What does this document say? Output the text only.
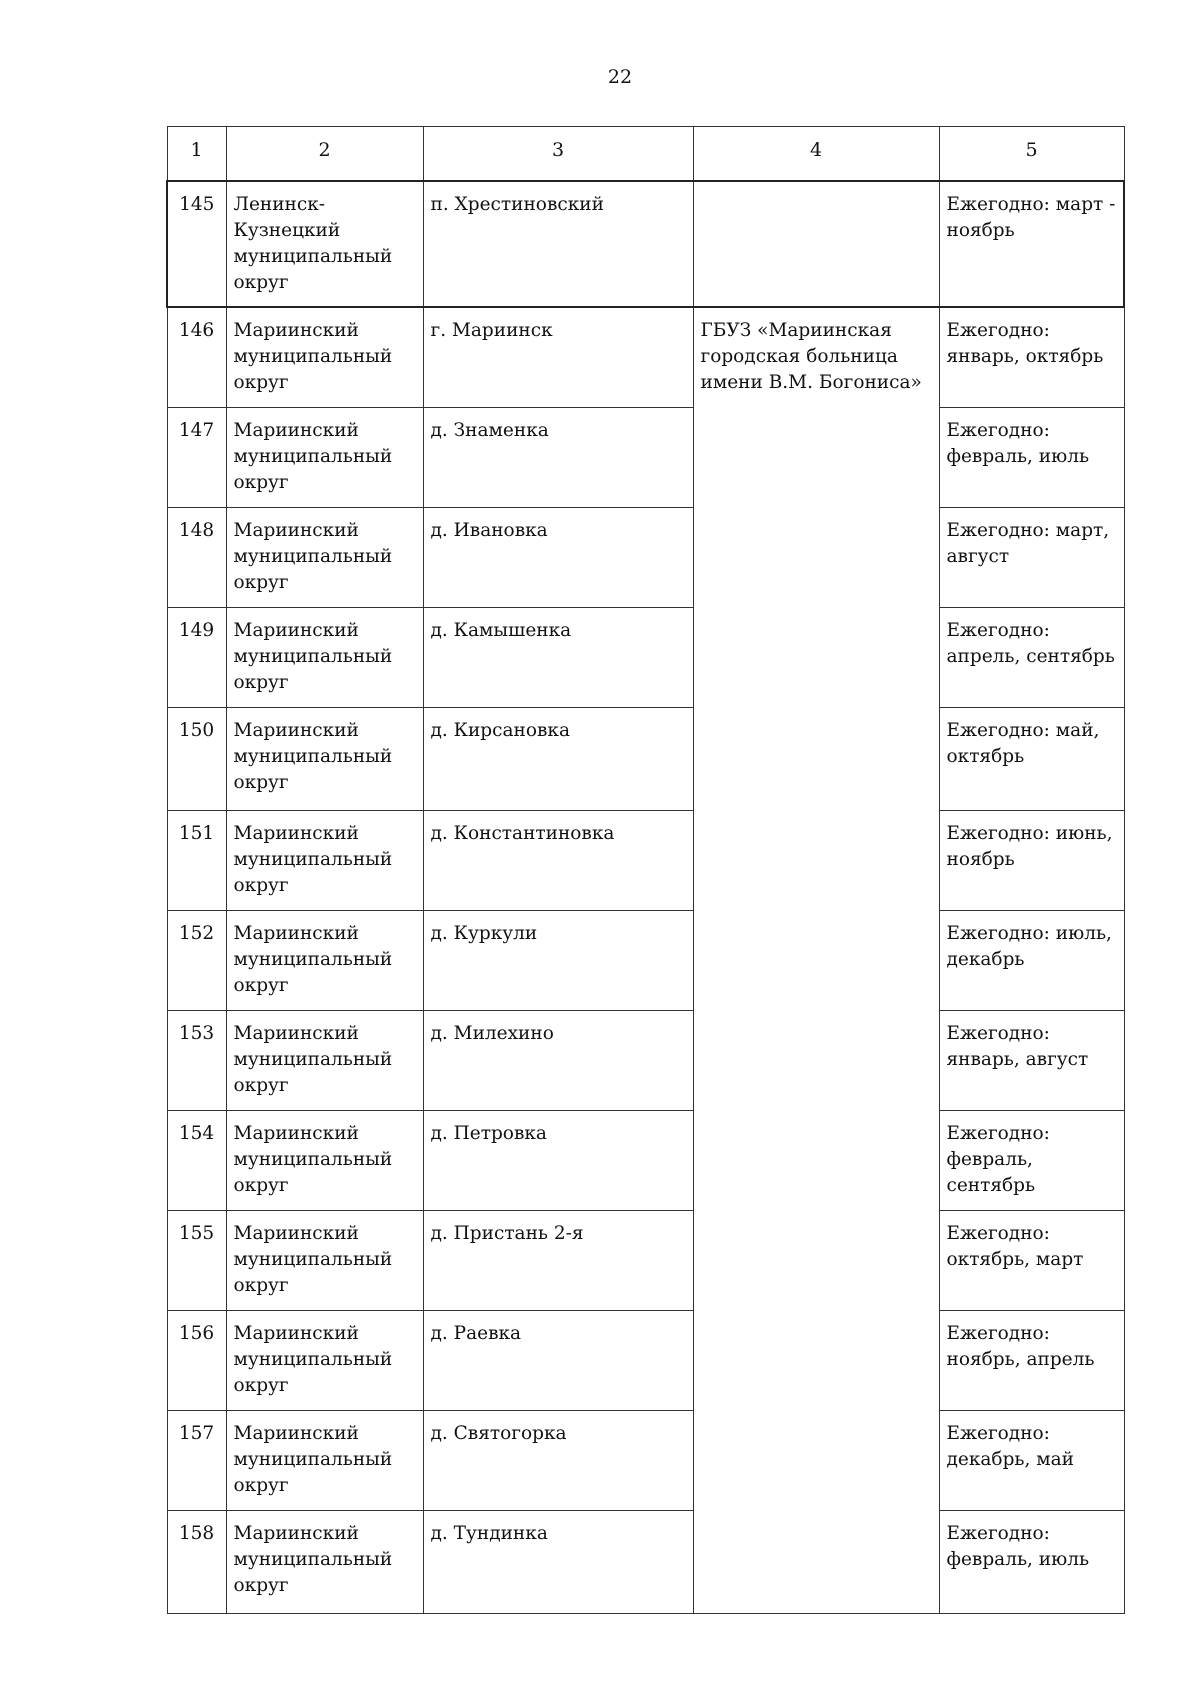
22
1	2	3	4	5
145	Ленинск-Кузнецкий муниципальный округ	п. Хрестиновский		Ежегодно: март - ноябрь
146	Мариинский муниципальный округ	г. Мариинск	ГБУЗ «Мариинская городская больница имени В.М. Богониса»	Ежегодно: январь, октябрь
147	Мариинский муниципальный округ	д. Знаменка		Ежегодно: февраль, июль
148	Мариинский муниципальный округ	д. Ивановка		Ежегодно: март, август
149	Мариинский муниципальный округ	д. Камышенка		Ежегодно: апрель, сентябрь
150	Мариинский муниципальный округ	д. Кирсановка		Ежегодно: май, октябрь
151	Мариинский муниципальный округ	д. Константиновка		Ежегодно: июнь, ноябрь
152	Мариинский муниципальный округ	д. Куркули		Ежегодно: июль, декабрь
153	Мариинский муниципальный округ	д. Милехино		Ежегодно: январь, август
154	Мариинский муниципальный округ	д. Петровка		Ежегодно: февраль, сентябрь
155	Мариинский муниципальный округ	д. Пристань 2-я		Ежегодно: октябрь, март
156	Мариинский муниципальный округ	д. Раевка		Ежегодно: ноябрь, апрель
157	Мариинский муниципальный округ	д. Святогорка		Ежегодно: декабрь, май
158	Мариинский муниципальный округ	д. Тундинка		Ежегодно: февраль, июль
